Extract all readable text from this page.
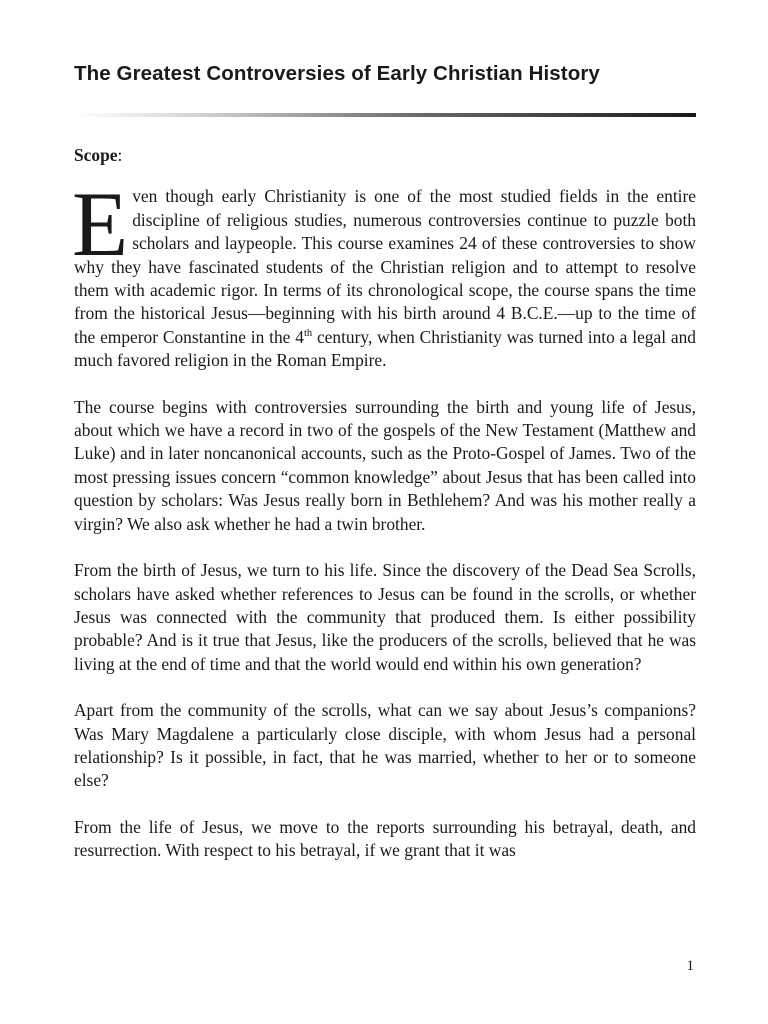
The Greatest Controversies of Early Christian History
Scope:

Even though early Christianity is one of the most studied fields in the entire discipline of religious studies, numerous controversies continue to puzzle both scholars and laypeople. This course examines 24 of these controversies to show why they have fascinated students of the Christian religion and to attempt to resolve them with academic rigor. In terms of its chronological scope, the course spans the time from the historical Jesus—beginning with his birth around 4 B.C.E.—up to the time of the emperor Constantine in the 4th century, when Christianity was turned into a legal and much favored religion in the Roman Empire.

The course begins with controversies surrounding the birth and young life of Jesus, about which we have a record in two of the gospels of the New Testament (Matthew and Luke) and in later noncanonical accounts, such as the Proto-Gospel of James. Two of the most pressing issues concern “common knowledge” about Jesus that has been called into question by scholars: Was Jesus really born in Bethlehem? And was his mother really a virgin? We also ask whether he had a twin brother.

From the birth of Jesus, we turn to his life. Since the discovery of the Dead Sea Scrolls, scholars have asked whether references to Jesus can be found in the scrolls, or whether Jesus was connected with the community that produced them. Is either possibility probable? And is it true that Jesus, like the producers of the scrolls, believed that he was living at the end of time and that the world would end within his own generation?

Apart from the community of the scrolls, what can we say about Jesus’s companions? Was Mary Magdalene a particularly close disciple, with whom Jesus had a personal relationship? Is it possible, in fact, that he was married, whether to her or to someone else?

From the life of Jesus, we move to the reports surrounding his betrayal, death, and resurrection. With respect to his betrayal, if we grant that it was

1
